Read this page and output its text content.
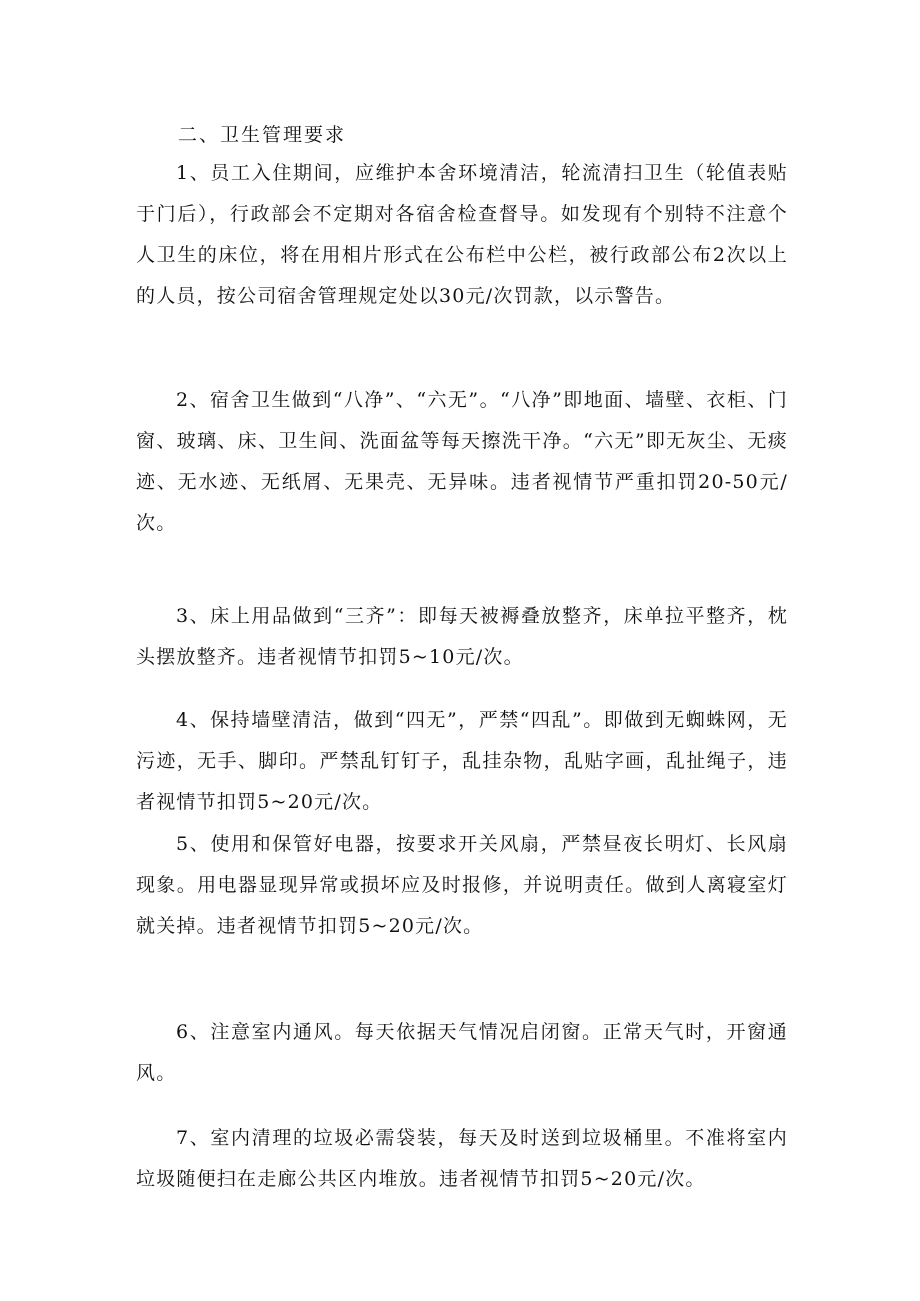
二、卫生管理要求

1、员工入住期间，应维护本舍环境清洁，轮流清扫卫生（轮值表贴于门后），行政部会不定期对各宿舍检查督导。如发现有个别特不注意个人卫生的床位，将在用相片形式在公布栏中公栏，被行政部公布2次以上的人员，按公司宿舍管理规定处以30元/次罚款，以示警告。

2、宿舍卫生做到“八净”、“六无”。“八净”即地面、墙壁、衣柜、门窗、玻璃、床、卫生间、洗面盆等每天擦洗干净。“六无”即无灰尘、无痰迹、无水迹、无纸屑、无果壳、无异味。违者视情节严重扣罚20-50元/次。

3、床上用品做到“三齐”：即每天被褥叠放整齐，床单拉平整齐，枕头摆放整齐。违者视情节扣罚5~10元/次。

4、保持墙壁清洁，做到“四无”，严禁“四乱”。即做到无蜘蛛网，无污迹，无手、脚印。严禁乱钉钉子，乱挂杂物，乱贴字画，乱扯绳子，违者视情节扣罚5~20元/次。

5、使用和保管好电器，按要求开关风扇，严禁昼夜长明灯、长风扇现象。用电器显现异常或损坏应及时报修，并说明责任。做到人离寝室灯就关掉。违者视情节扣罚5~20元/次。

6、注意室内通风。每天依据天气情况启闭窗。正常天气时，开窗通风。

7、室内清理的垃圾必需袋装，每天及时送到垃圾桶里。不准将室内垃圾随便扫在走廊公共区内堆放。违者视情节扣罚5~20元/次。
